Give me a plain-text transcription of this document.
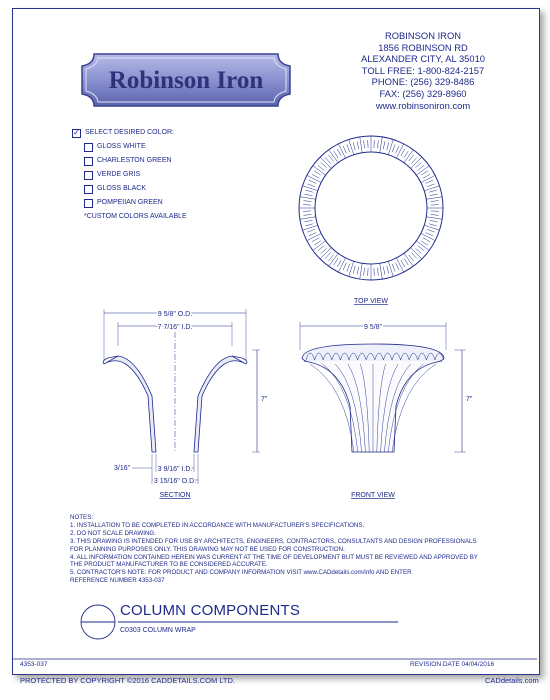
Robinson Iron
ROBINSON IRON
1856 ROBINSON RD
ALEXANDER CITY, AL 35010
TOLL FREE: 1-800-824-2157
PHONE: (256) 329-8486
FAX: (256) 329-8960
www.robinsoniron.com
✓
SELECT DESIRED COLOR:
GLOSS WHITE
CHARLESTON GREEN
VERDE GRIS
GLOSS BLACK
POMPEIIAN GREEN
*CUSTOM COLORS AVAILABLE
TOP VIEW
9 5/8" O.D.
7 7/16" I.D.
7"
3/16"	3 9/16" I.D.
3 15/16" O.D.
SECTION
9 5/8"
7"
FRONT VIEW
NOTES:
1. INSTALLATION TO BE COMPLETED IN ACCORDANCE WITH MANUFACTURER'S SPECIFICATIONS.
2. DO NOT SCALE DRAWING.
3. THIS DRAWING IS INTENDED FOR USE BY ARCHITECTS, ENGINEERS, CONTRACTORS, CONSULTANTS AND DESIGN PROFESSIONALS
FOR PLANNING PURPOSES ONLY. THIS DRAWING MAY NOT BE USED FOR CONSTRUCTION.
4. ALL INFORMATION CONTAINED HEREIN WAS CURRENT AT THE TIME OF DEVELOPMENT BUT MUST BE REVIEWED AND APPROVED BY
THE PRODUCT MANUFACTURER TO BE CONSIDERED ACCURATE.
5. CONTRACTOR'S NOTE: FOR PRODUCT AND COMPANY INFORMATION VISIT www.CADdetails.com/info AND ENTER
REFERENCE NUMBER 4353-037
COLUMN COMPONENTS
C0303 COLUMN WRAP
4353-037	REVISION DATE 04/04/2016
PROTECTED BY COPYRIGHT ©2016 CADDETAILS.COM LTD.	CADdetails.com
